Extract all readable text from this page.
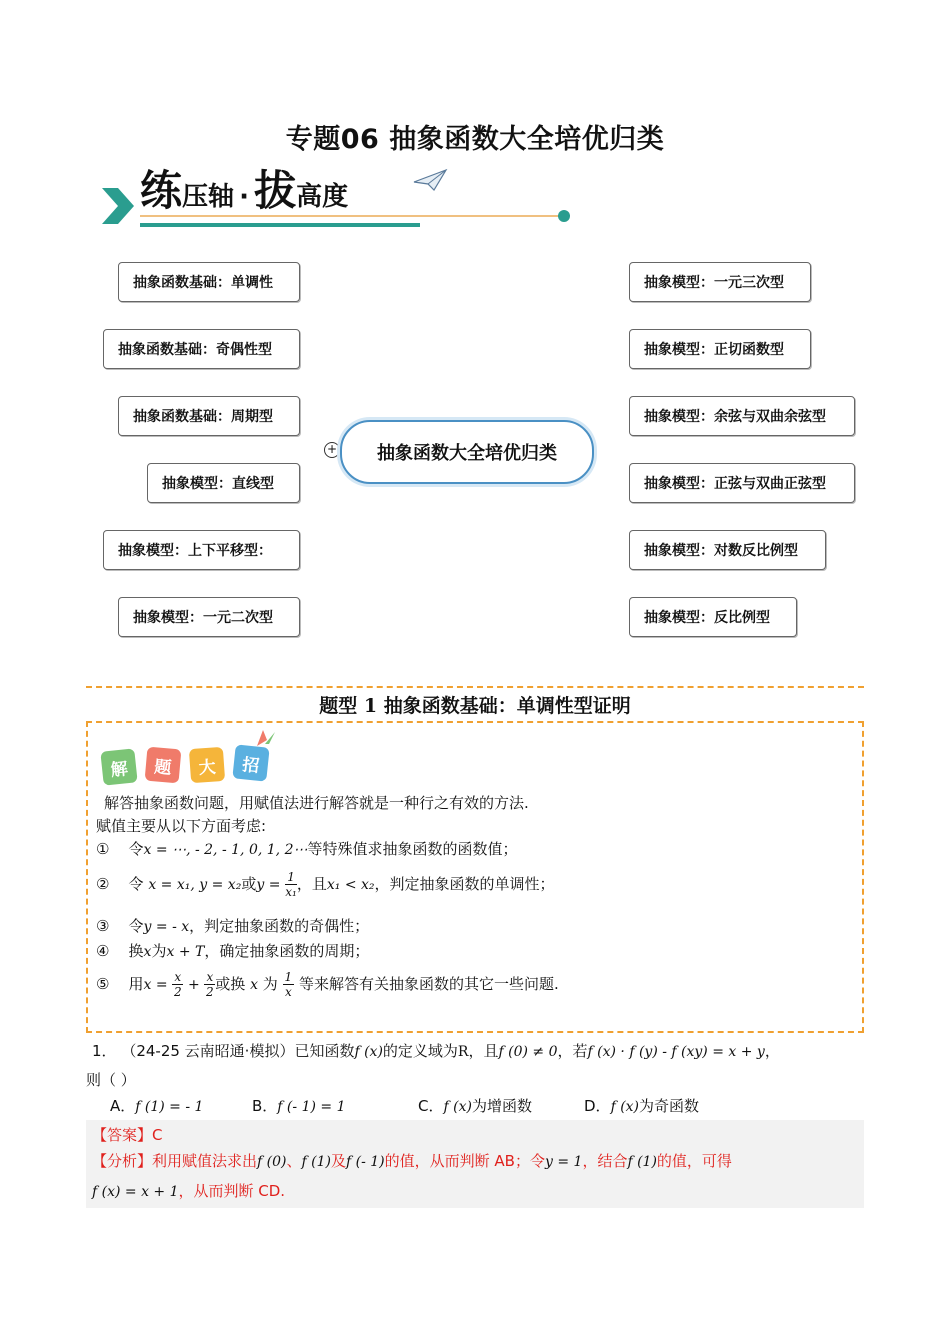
专题06 抽象函数大全培优归类
练压轴 · 拔高度
抽象函数基础：单调性
抽象函数基础：奇偶性型
抽象函数基础：周期型
抽象模型：直线型
抽象模型：上下平移型：
抽象模型：一元二次型
+	抽象函数大全培优归类
抽象模型：一元三次型
抽象模型：正切函数型
抽象模型：余弦与双曲余弦型
抽象模型：正弦与双曲正弦型
抽象模型：对数反比例型
抽象模型：反比例型
题型 1 抽象函数基础：单调性型证明
解	题	大	招
解答抽象函数问题，用赋值法进行解答就是一种行之有效的方法.
赋值主要从以下方面考虑:
① 令x = ⋯, - 2, - 1, 0, 1, 2⋯等特殊值求抽象函数的函数值；
② 令 x = x₁, y = x₂或$y = \frac{1}{\text{x₁}}$ ，且x₁ < x₂，判定抽象函数的单调性；
③ 令y = - x，判定抽象函数的奇偶性；
④ 换x为x + T，确定抽象函数的周期；
⑤ 用$x = \frac{x}{2} + \frac{x}{2}$ 或换 x 为 $\frac{1}{x}$ 等来解答有关抽象函数的其它一些问题.
1． （24-25 云南昭通·模拟）已知函数f (x)的定义域为R，且f (0) ≠ 0，若f (x) · f (y) - f (xy) = x + y，
则（ ）
A．f (1) = - 1	B．f (- 1) = 1	C．f (x)为增函数	D．f (x)为奇函数
【答案】C
【分析】利用赋值法求出f (0)、f (1)及f (- 1)的值，从而判断 AB；令y = 1，结合f (1)的值，可得
f (x) = x + 1，从而判断 CD.
